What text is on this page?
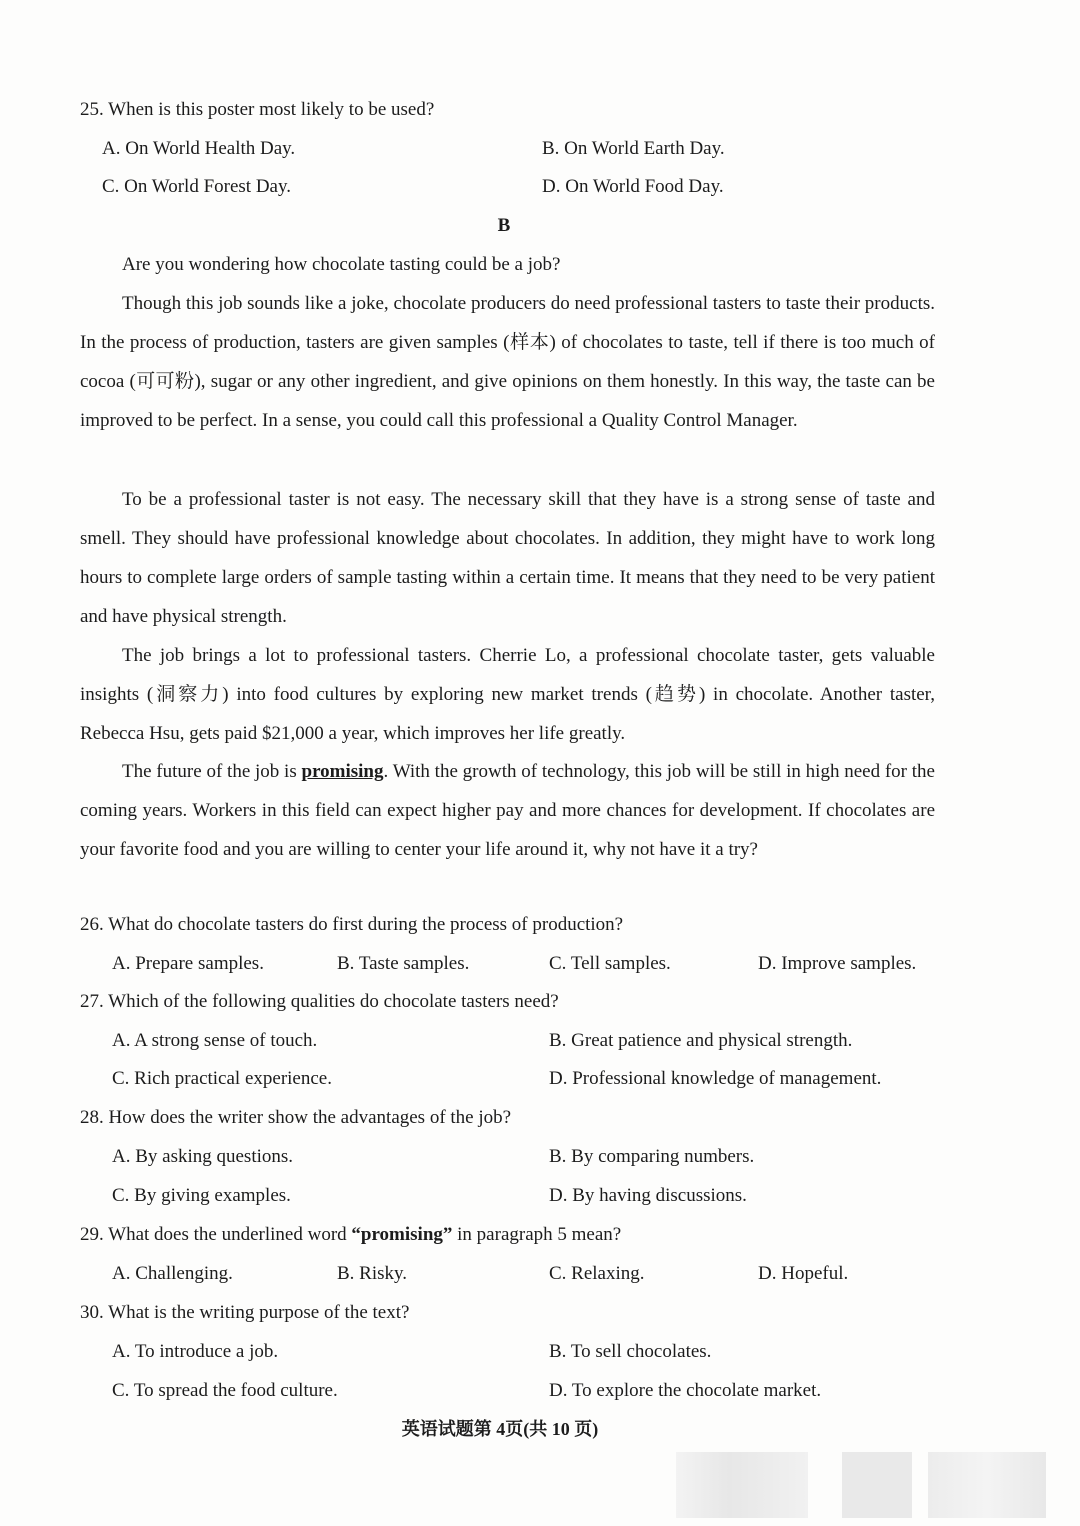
25. When is this poster most likely to be used?
A. On World Health Day.	B. On World Earth Day.
C. On World Forest Day.	D. On World Food Day.
B
Are you wondering how chocolate tasting could be a job?
Though this job sounds like a joke, chocolate producers do need professional tasters to taste their products. In the process of production, tasters are given samples (样本) of chocolates to taste, tell if there is too much of cocoa (可可粉), sugar or any other ingredient, and give opinions on them honestly. In this way, the taste can be improved to be perfect. In a sense, you could call this professional a Quality Control Manager.
To be a professional taster is not easy. The necessary skill that they have is a strong sense of taste and smell. They should have professional knowledge about chocolates. In addition, they might have to work long hours to complete large orders of sample tasting within a certain time. It means that they need to be very patient and have physical strength.
The job brings a lot to professional tasters. Cherrie Lo, a professional chocolate taster, gets valuable insights (洞察力) into food cultures by exploring new market trends (趋势) in chocolate. Another taster, Rebecca Hsu, gets paid $21,000 a year, which improves her life greatly.
The future of the job is promising. With the growth of technology, this job will be still in high need for the coming years. Workers in this field can expect higher pay and more chances for development. If chocolates are your favorite food and you are willing to center your life around it, why not have it a try?
26. What do chocolate tasters do first during the process of production?
A. Prepare samples.	B. Taste samples.	C. Tell samples.	D. Improve samples.
27. Which of the following qualities do chocolate tasters need?
A. A strong sense of touch.	B. Great patience and physical strength.
C. Rich practical experience.	D. Professional knowledge of management.
28. How does the writer show the advantages of the job?
A. By asking questions.	B. By comparing numbers.
C. By giving examples.	D. By having discussions.
29. What does the underlined word “promising” in paragraph 5 mean?
A. Challenging.	B. Risky.	C. Relaxing.	D. Hopeful.
30. What is the writing purpose of the text?
A. To introduce a job.	B. To sell chocolates.
C. To spread the food culture.	D. To explore the chocolate market.
英语试题第 4页(共 10 页)
